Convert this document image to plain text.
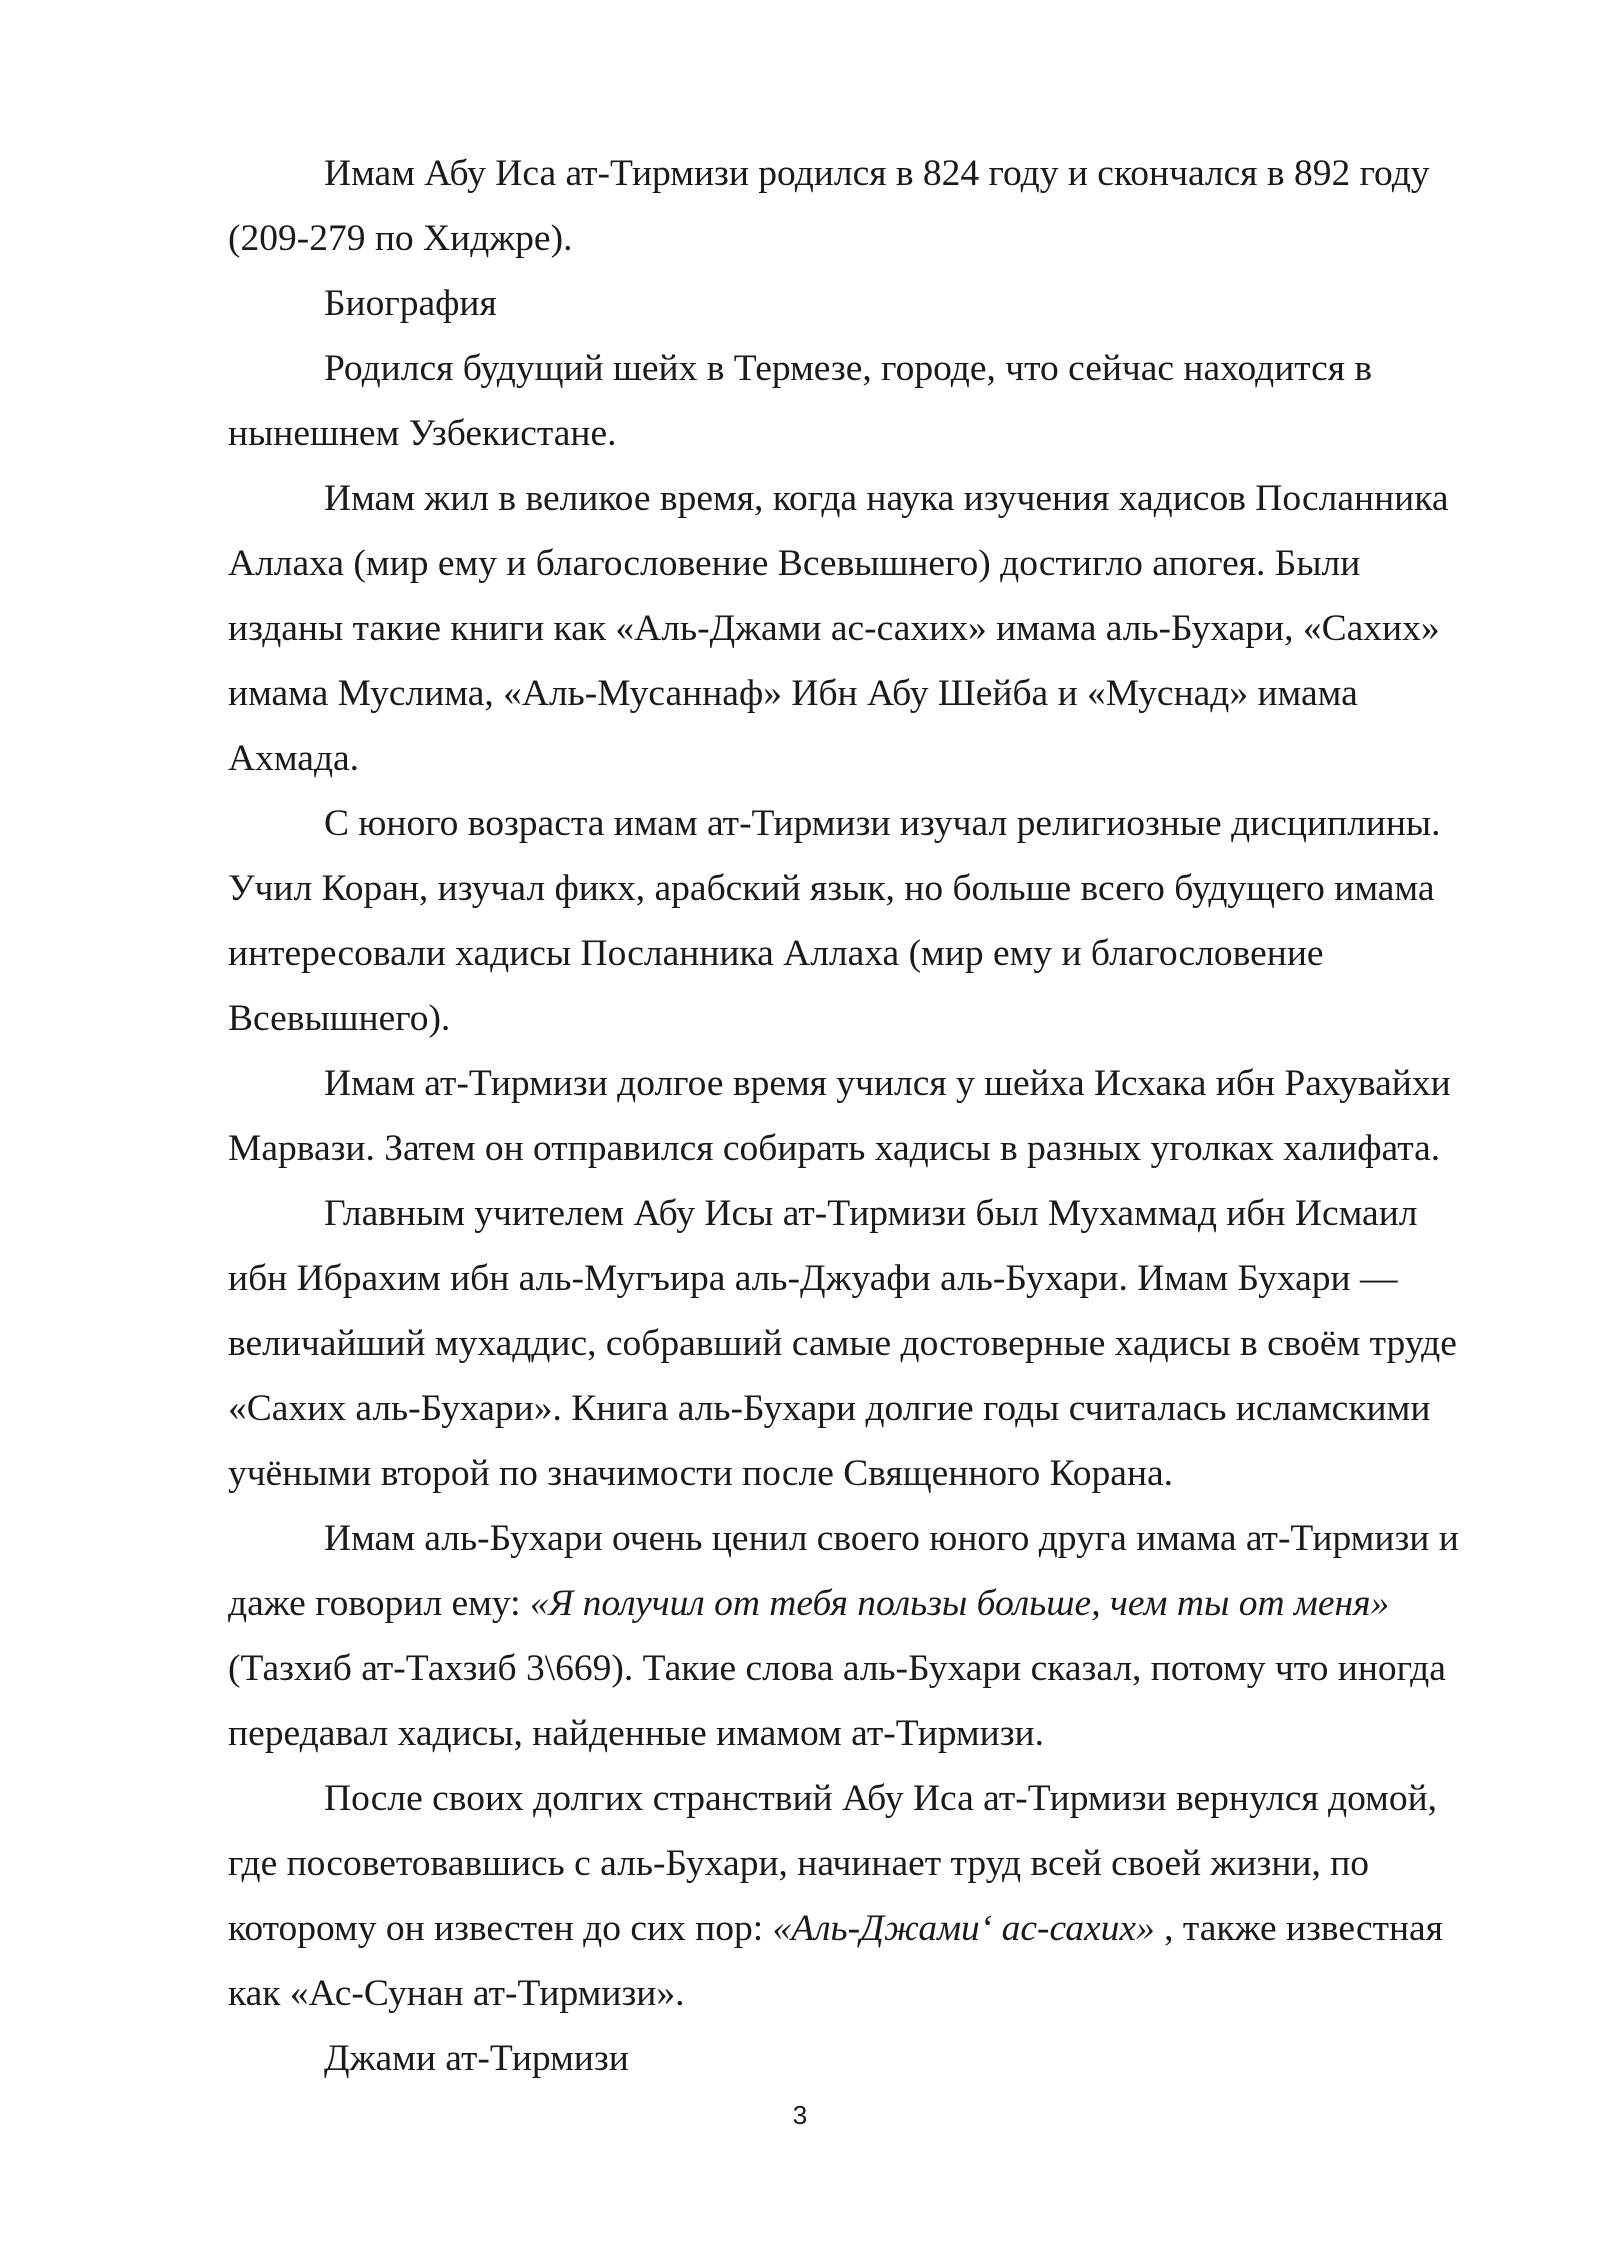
Имам Абу Иса ат-Тирмизи родился в 824 году и скончался в 892 году (209-279 по Хиджре).

Биография

Родился будущий шейх в Термезе, городе, что сейчас находится в нынешнем Узбекистане.

Имам жил в великое время, когда наука изучения хадисов Посланника Аллаха (мир ему и благословение Всевышнего) достигло апогея. Были изданы такие книги как «Аль-Джами ас-сахих» имама аль-Бухари, «Сахих» имама Муслима, «Аль-Мусаннаф» Ибн Абу Шейба и «Муснад» имама Ахмада.

С юного возраста имам ат-Тирмизи изучал религиозные дисциплины. Учил Коран, изучал фикх, арабский язык, но больше всего будущего имама интересовали хадисы Посланника Аллаха (мир ему и благословение Всевышнего).

Имам ат-Тирмизи долгое время учился у шейха Исхака ибн Рахувайхи Марвази. Затем он отправился собирать хадисы в разных уголках халифата.

Главным учителем Абу Исы ат-Тирмизи был Мухаммад ибн Исмаил ибн Ибрахим ибн аль-Мугъира аль-Джуафи аль-Бухари. Имам Бухари — величайший мухаддис, собравший самые достоверные хадисы в своём труде «Сахих аль-Бухари». Книга аль-Бухари долгие годы считалась исламскими учёными второй по значимости после Священного Корана.

Имам аль-Бухари очень ценил своего юного друга имама ат-Тирмизи и даже говорил ему: «Я получил от тебя пользы больше, чем ты от меня» (Тазхиб ат-Тахзиб 3\669). Такие слова аль-Бухари сказал, потому что иногда передавал хадисы, найденные имамом ат-Тирмизи.

После своих долгих странствий Абу Иса ат-Тирмизи вернулся домой, где посоветовавшись с аль-Бухари, начинает труд всей своей жизни, по которому он известен до сих пор: «Аль-Джами‘ ас-сахих» , также известная как «Ас-Сунан ат-Тирмизи».

Джами ат-Тирмизи

3
